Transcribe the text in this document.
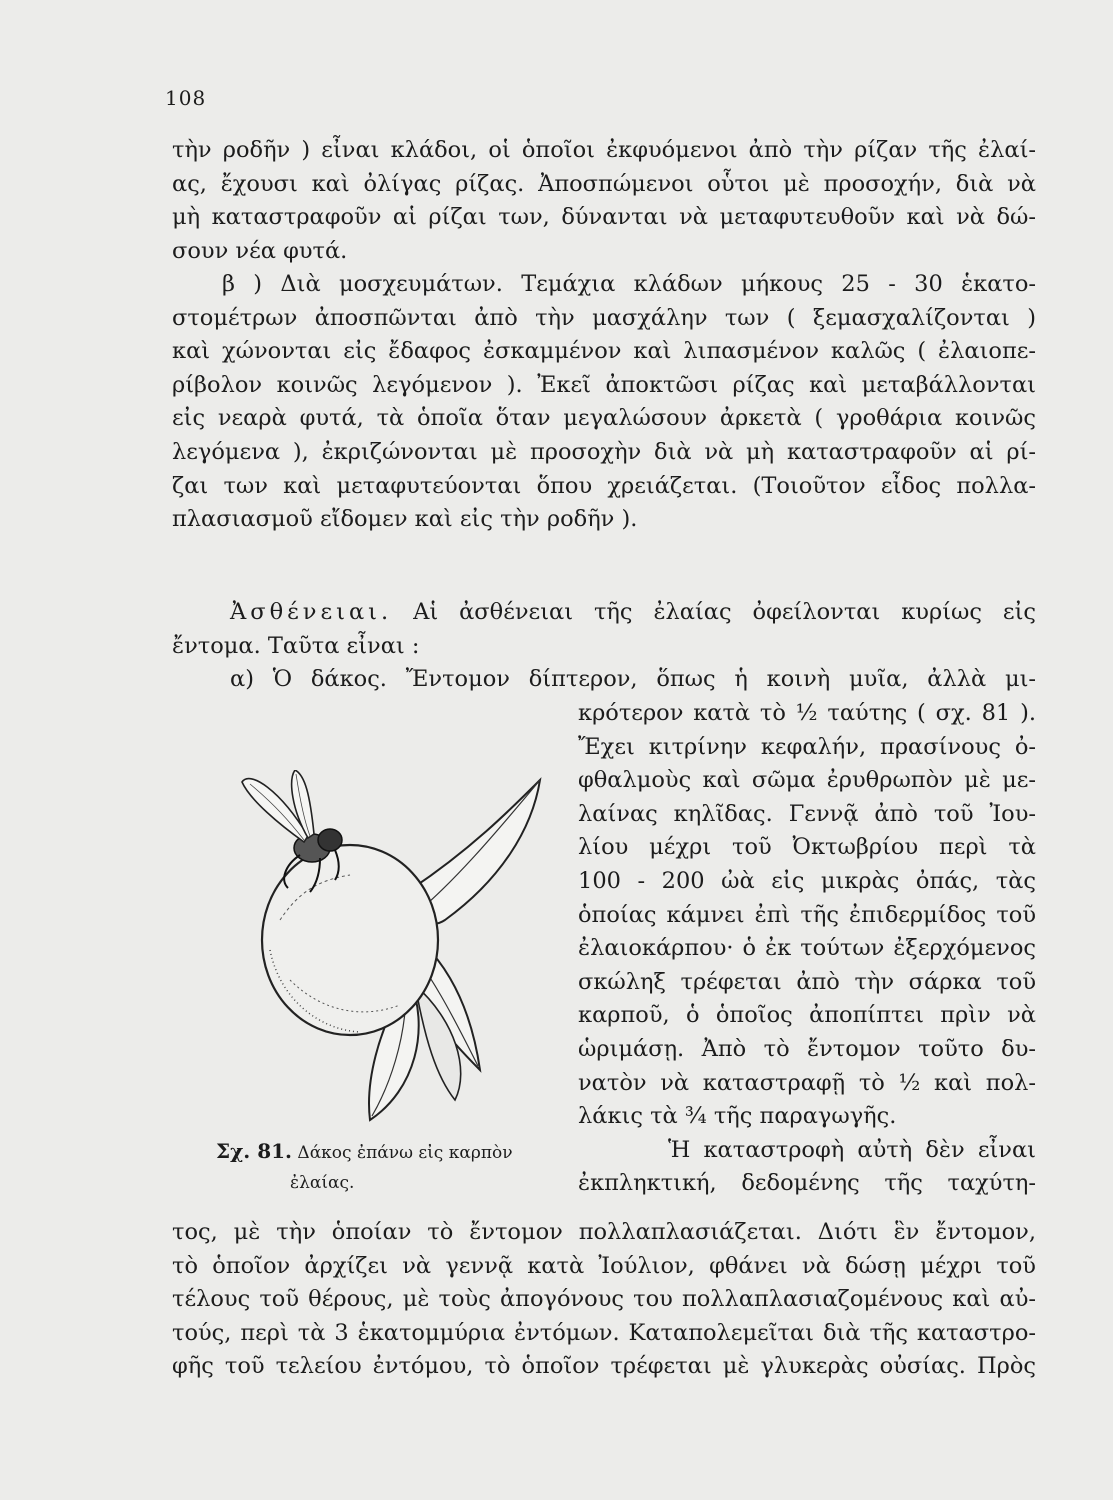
108
τὴν ροδῆν ) εἶναι κλάδοι, οἱ ὁποῖοι ἐκφυόμενοι ἀπὸ τὴν ρίζαν τῆς ἐλαί-
ας, ἔχουσι καὶ ὀλίγας ρίζας. Ἀποσπώμενοι οὗτοι μὲ προσοχήν, διὰ νὰ
μὴ καταστραφοῦν αἱ ρίζαι των, δύνανται νὰ μεταφυτευθοῦν καὶ νὰ δώ-
σουν νέα φυτά.
β ) Διὰ μοσχευμάτων. Τεμάχια κλάδων μήκους 25 - 30 ἑκατο-
στομέτρων ἀποσπῶνται ἀπὸ τὴν μασχάλην των ( ξεμασχαλίζονται )
καὶ χώνονται εἰς ἔδαφος ἐσκαμμένον καὶ λιπασμένον καλῶς ( ἐλαιοπε-
ρίβολον κοινῶς λεγόμενον ). Ἐκεῖ ἀποκτῶσι ρίζας καὶ μεταβάλλονται
εἰς νεαρὰ φυτά, τὰ ὁποῖα ὅταν μεγαλώσουν ἀρκετὰ ( γροθάρια κοινῶς
λεγόμενα ), ἐκριζώνονται μὲ προσοχὴν διὰ νὰ μὴ καταστραφοῦν αἱ ρί-
ζαι των καὶ μεταφυτεύονται ὅπου χρειάζεται. (Τοιοῦτον εἶδος πολλα-
πλασιασμοῦ εἴδομεν καὶ εἰς τὴν ροδῆν ).
Ἀσθένειαι. Αἱ ἀσθένειαι τῆς ἐλαίας ὀφείλονται κυρίως εἰς
ἔντομα. Ταῦτα εἶναι :
α) Ὁ δάκος. Ἔντομον δίπτερον, ὅπως ἡ κοινὴ μυῖα, ἀλλὰ μι-
κρότερον κατὰ τὸ ½ ταύτης ( σχ. 81 ).
Ἔχει κιτρίνην κεφαλήν, πρασίνους ὀ-
φθαλμοὺς καὶ σῶμα ἐρυθρωπὸν μὲ με-
λαίνας κηλῖδας. Γεννᾷ ἀπὸ τοῦ Ἰου-
λίου μέχρι τοῦ Ὀκτωβρίου περὶ τὰ
100 - 200 ὠὰ εἰς μικρὰς ὀπάς, τὰς
ὁποίας κάμνει ἐπὶ τῆς ἐπιδερμίδος τοῦ
ἐλαιοκάρπου· ὁ ἐκ τούτων ἐξερχόμενος
σκώληξ τρέφεται ἀπὸ τὴν σάρκα τοῦ
καρποῦ, ὁ ὁποῖος ἀποπίπτει πρὶν νὰ
ὡριμάσῃ. Ἀπὸ τὸ ἔντομον τοῦτο δυ-
νατὸν νὰ καταστραφῇ τὸ ½ καὶ πολ-
λάκις τὰ ¾ τῆς παραγωγῆς.
Ἡ καταστροφὴ αὐτὴ δὲν εἶναι
ἐκπληκτική, δεδομένης τῆς ταχύτη-
Σχ. 81. Δάκος ἐπάνω εἰς καρπὸν
ἐλαίας.
τος, μὲ τὴν ὁποίαν τὸ ἔντομον πολλαπλασιάζεται. Διότι ἓν ἔντομον,
τὸ ὁποῖον ἀρχίζει νὰ γεννᾷ κατὰ Ἰούλιον, φθάνει νὰ δώσῃ μέχρι τοῦ
τέλους τοῦ θέρους, μὲ τοὺς ἀπογόνους του πολλαπλασιαζομένους καὶ αὐ-
τούς, περὶ τὰ 3 ἑκατομμύρια ἐντόμων. Καταπολεμεῖται διὰ τῆς καταστρο-
φῆς τοῦ τελείου ἐντόμου, τὸ ὁποῖον τρέφεται μὲ γλυκερὰς οὐσίας. Πρὸς
